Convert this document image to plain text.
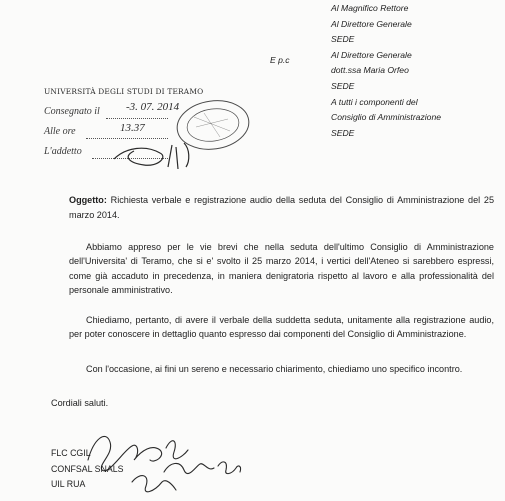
E p.c
Al Magnifico Rettore
Al Direttore Generale
SEDE
Al Direttore Generale
dott.ssa Maria Orfeo
SEDE
A tutti i componenti del
Consiglio di Amministrazione
SEDE
UNIVERSITÀ DEGLI STUDI DI TERAMO
Consegnato il -3. 07. 2014
Alle ore	13.37
L'addetto
Oggetto: Richiesta verbale e registrazione audio della seduta del Consiglio di Amministrazione del 25 marzo 2014.
Abbiamo appreso per le vie brevi che nella seduta dell'ultimo Consiglio di Amministrazione dell'Universita' di Teramo, che si e' svolto il 25 marzo 2014, i vertici dell'Ateneo si sarebbero espressi, come già accaduto in precedenza, in maniera denigratoria rispetto al lavoro e alla professionalità del personale amministrativo.
Chiediamo, pertanto, di avere il verbale della suddetta seduta, unitamente alla registrazione audio, per poter conoscere in dettaglio quanto espresso dai componenti del Consiglio di Amministrazione.
Con l'occasione, ai fini un sereno e necessario chiarimento, chiediamo uno specifico incontro.
Cordiali saluti.
FLC CGIL
CONFSAL SNALS
UIL RUA
